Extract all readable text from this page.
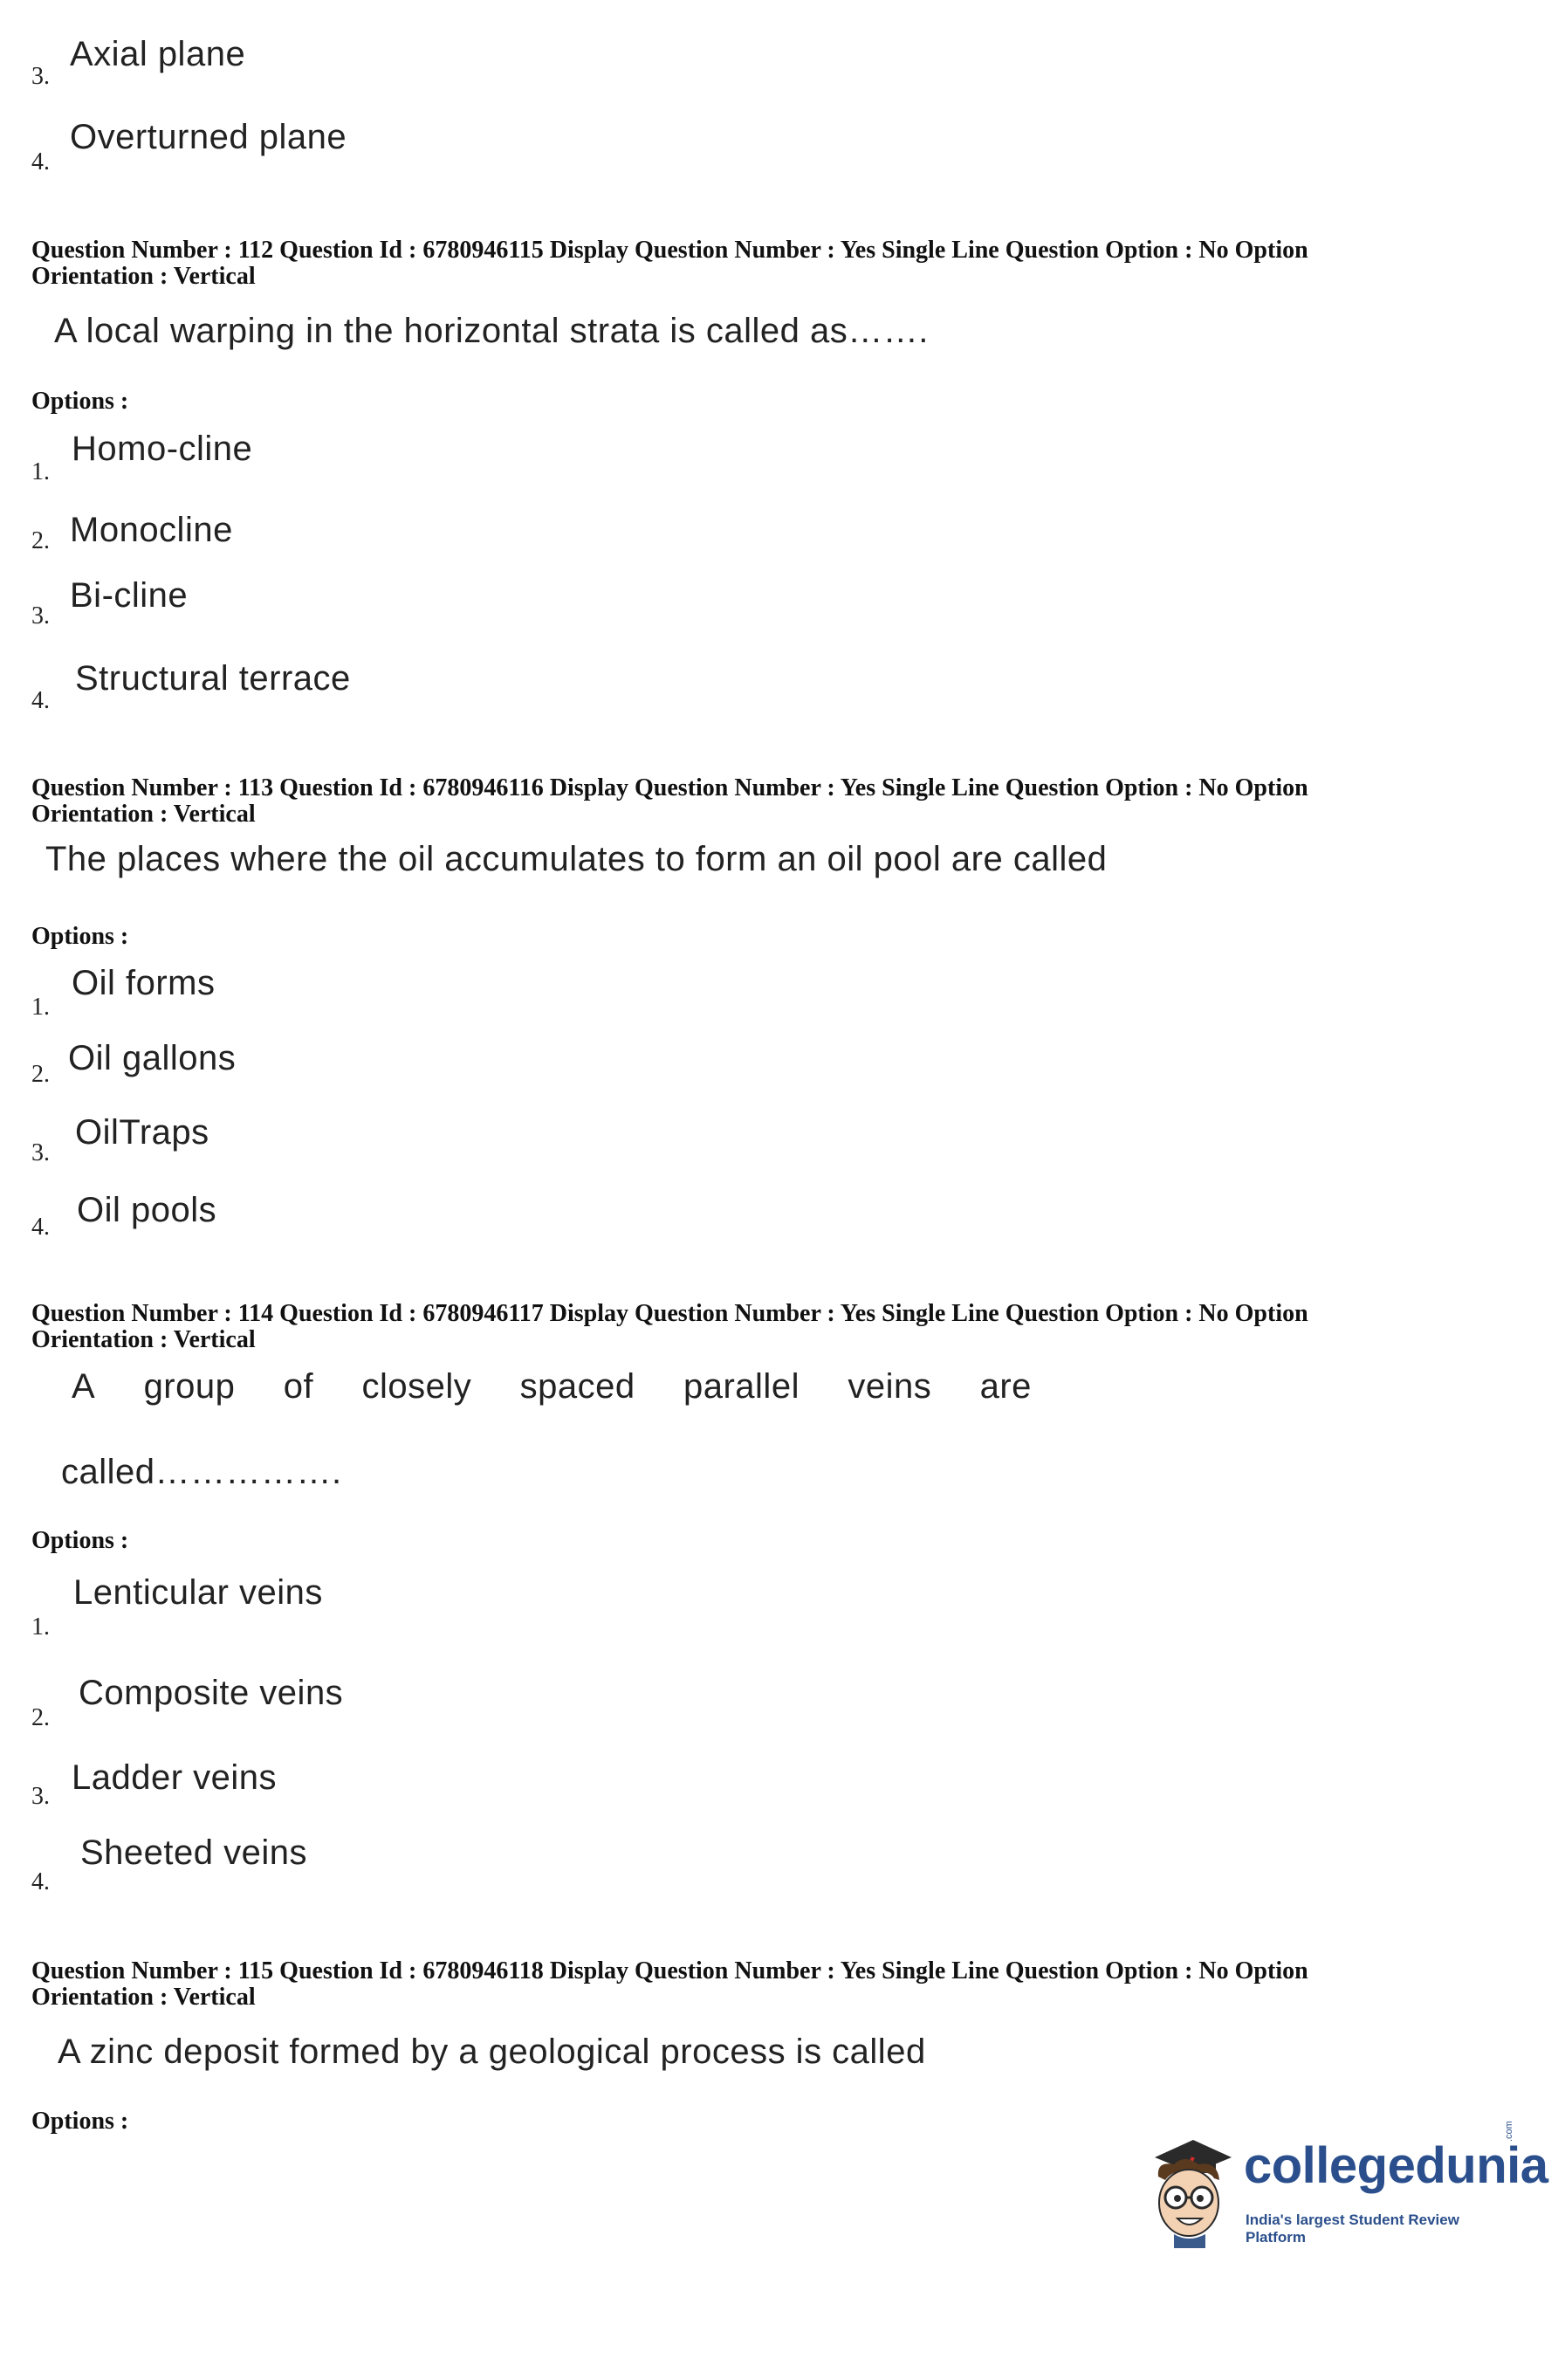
3.
Axial plane
4.
Overturned plane
Question Number : 112 Question Id : 6780946115 Display Question Number : Yes Single Line Question Option : No Option
Orientation : Vertical
A local warping in the horizontal strata is called as…….
Options :
1.
Homo-cline
2. Monocline
3.
Bi-cline
4.
Structural terrace
Question Number : 113 Question Id : 6780946116 Display Question Number : Yes Single Line Question Option : No Option
Orientation : Vertical
The places where the oil accumulates to form an oil pool are called
Options :
1.
Oil forms
2. Oil gallons
3.
OilTraps
4. Oil pools
Question Number : 114 Question Id : 6780946117 Display Question Number : Yes Single Line Question Option : No Option
Orientation : Vertical
A group of closely spaced parallel veins are
called…………….
Options :
1.
Lenticular veins
2.
Composite veins
3. Ladder veins
4.
Sheeted veins
Question Number : 115 Question Id : 6780946118 Display Question Number : Yes Single Line Question Option : No Option
Orientation : Vertical
A zinc deposit formed by a geological process is called
Options :
collegedunia
.com
India's largest Student Review Platform
